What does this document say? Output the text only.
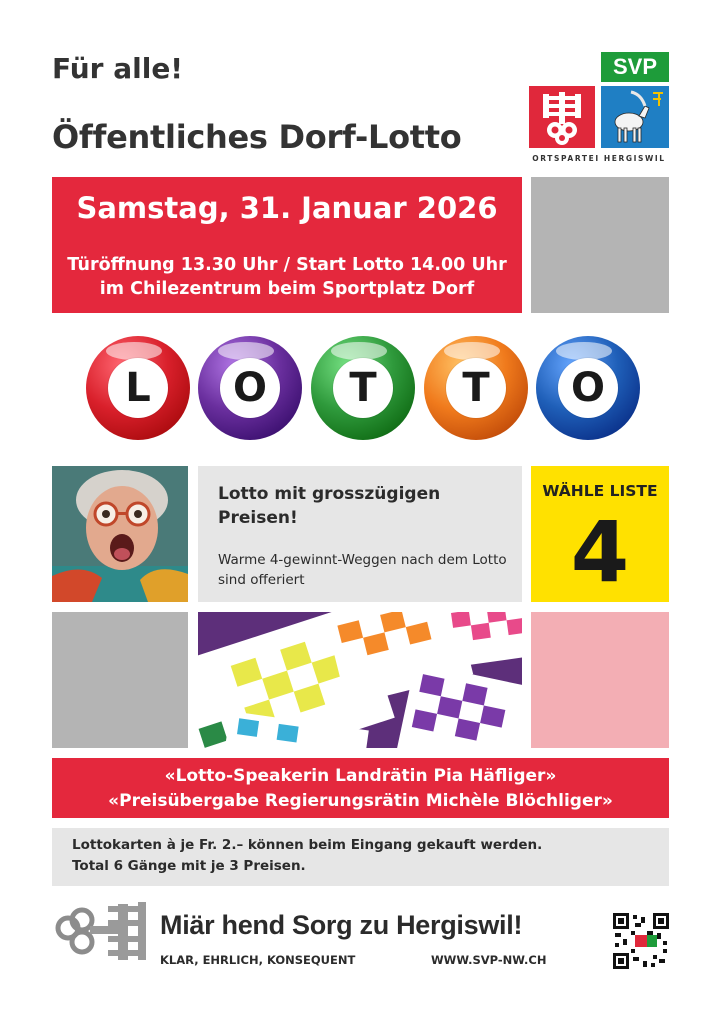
Für alle!
Öffentliches Dorf-Lotto
SVP
ORTSPARTEI HERGISWIL
Samstag, 31. Januar 2026
Türöffnung 13.30 Uhr / Start Lotto 14.00 Uhr
im Chilezentrum beim Sportplatz Dorf
L	O	T	T	O
Lotto mit grosszügigen Preisen!
Warme 4-gewinnt-Weggen nach dem Lotto sind offeriert
WÄHLE LISTE
4
«Lotto-Speakerin Landrätin Pia Häfliger»
«Preisübergabe Regierungsrätin Michèle Blöchliger»
Lottokarten à je Fr. 2.– können beim Eingang gekauft werden.
Total 6 Gänge mit je 3 Preisen.
Miär hend Sorg zu Hergiswil!
KLAR, EHRLICH, KONSEQUENT	WWW.SVP-NW.CH
